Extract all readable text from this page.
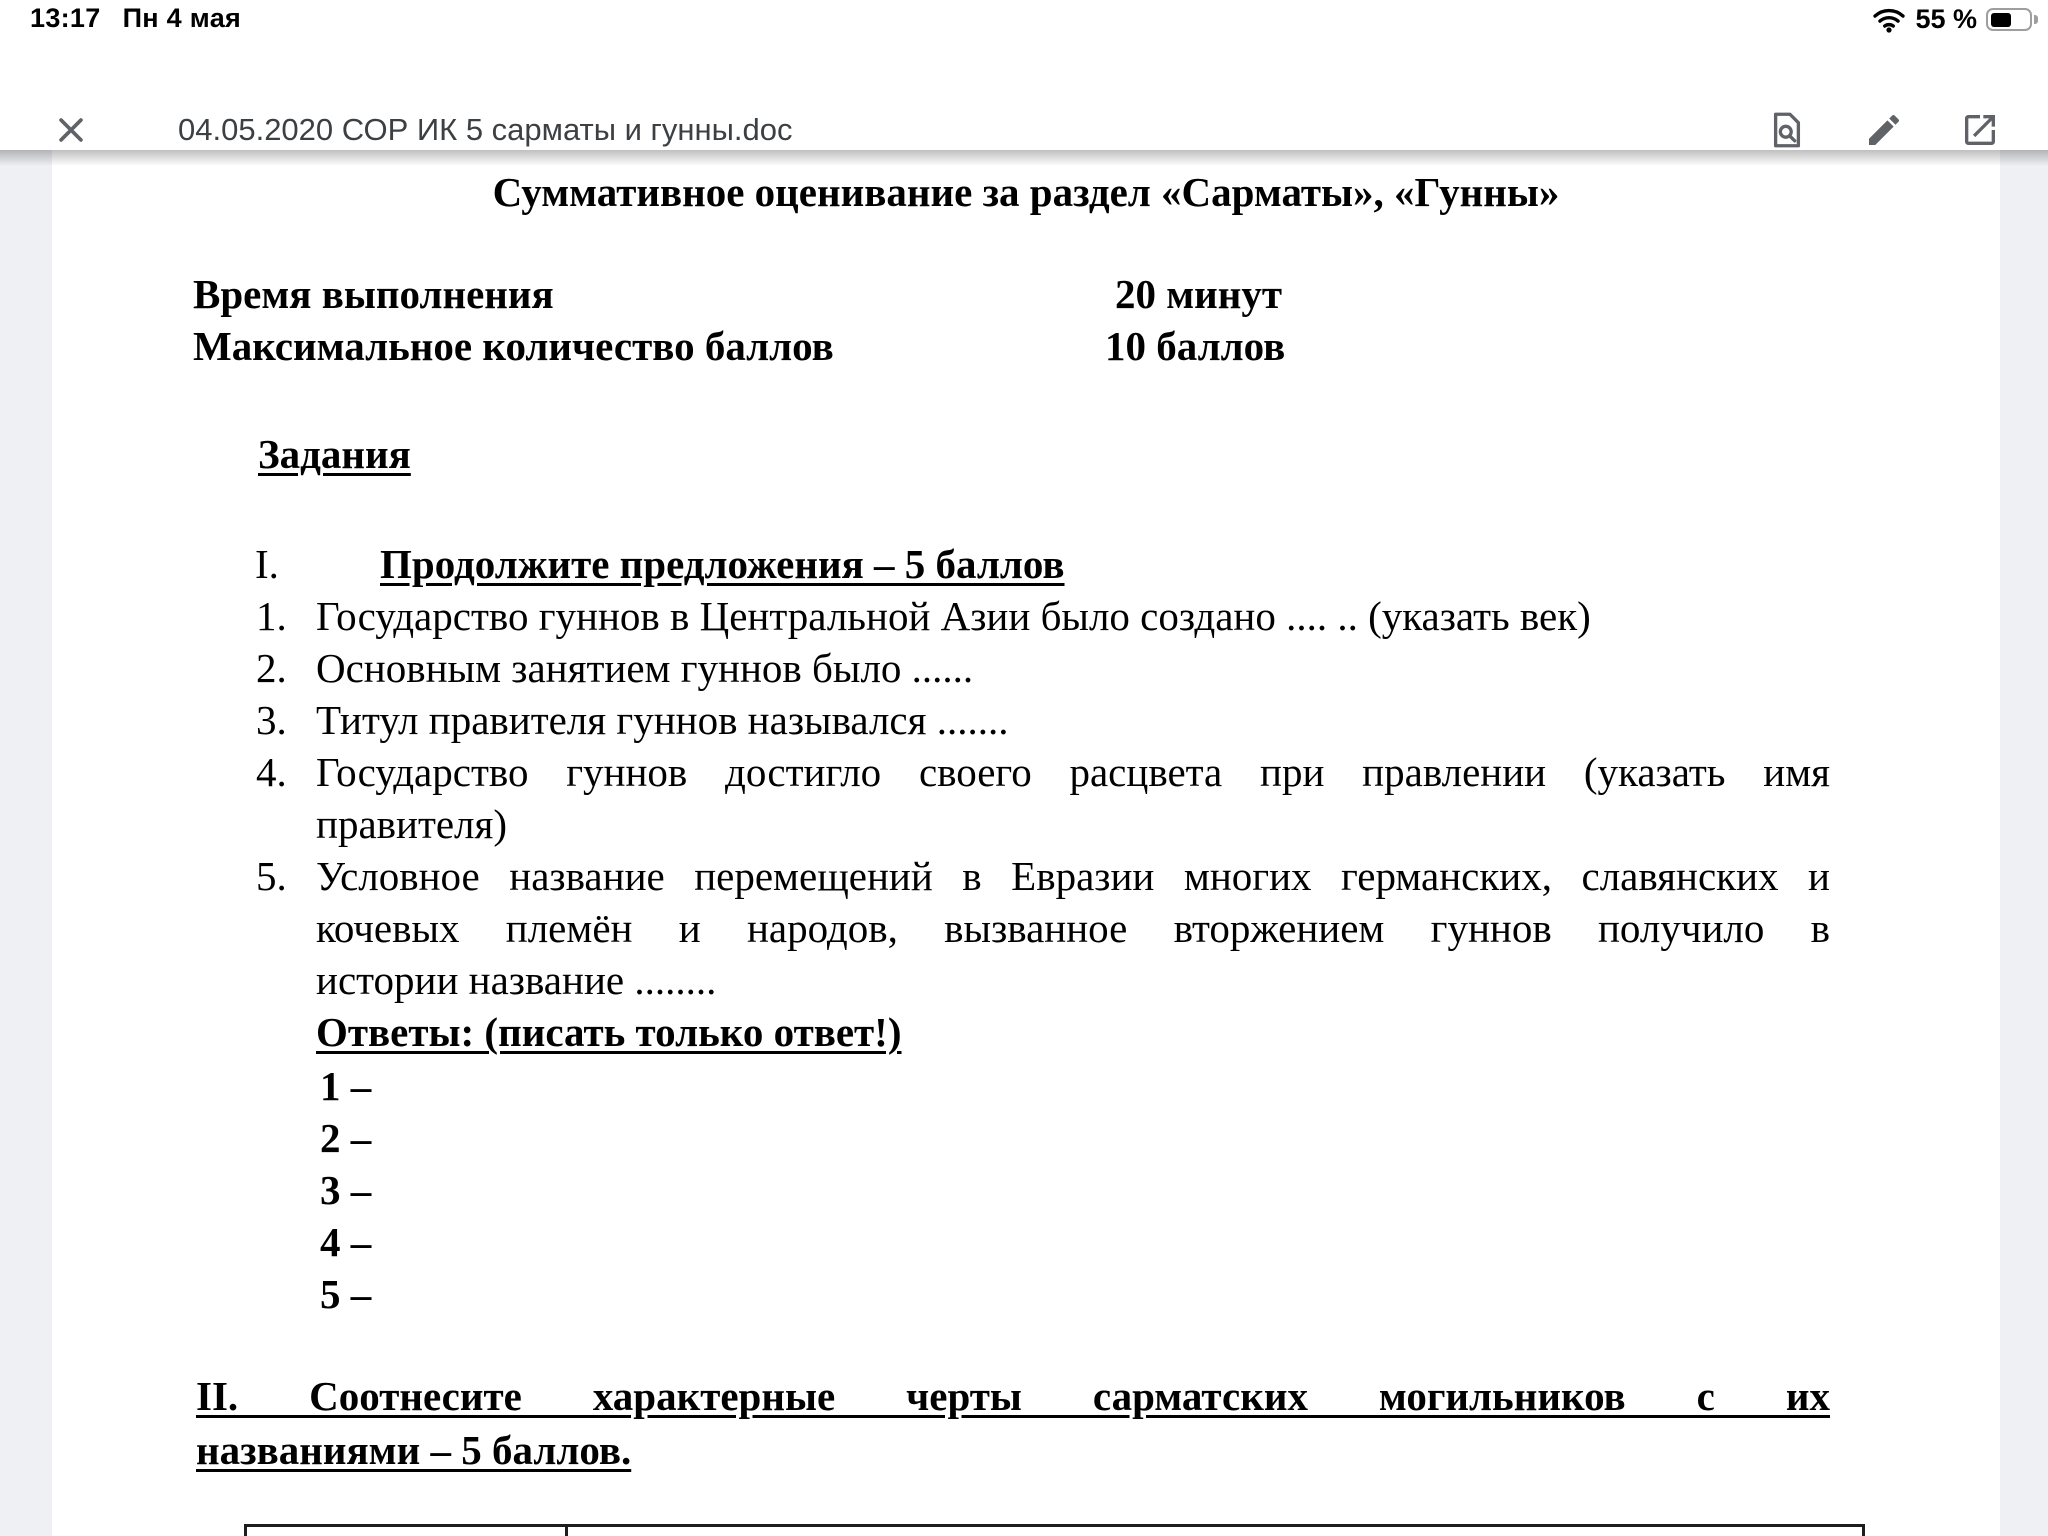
13:17 Пн 4 мая	55 %
04.05.2020 СОР ИК 5 сарматы и гунны.doc
Суммативное оценивание за раздел «Сарматы», «Гунны»
Время выполнения	20 минут
Максимальное количество баллов	10 баллов
Задания
I. Продолжите предложения – 5 баллов
1. Государство гуннов в Центральной Азии было создано .... .. (указать век)
2. Основным занятием гуннов было ......
3. Титул правителя гуннов назывался .......
4. Государство гуннов достигло своего расцвета при правлении (указать имя
правителя)
5. Условное название перемещений в Евразии многих германских, славянских и
кочевых племён и народов, вызванное вторжением гуннов получило в
истории название ........
Ответы: (писать только ответ!)
1 –
2 –
3 –
4 –
5 –
II. Соотнесите характерные черты сарматских могильников с их
названиями – 5 баллов.
